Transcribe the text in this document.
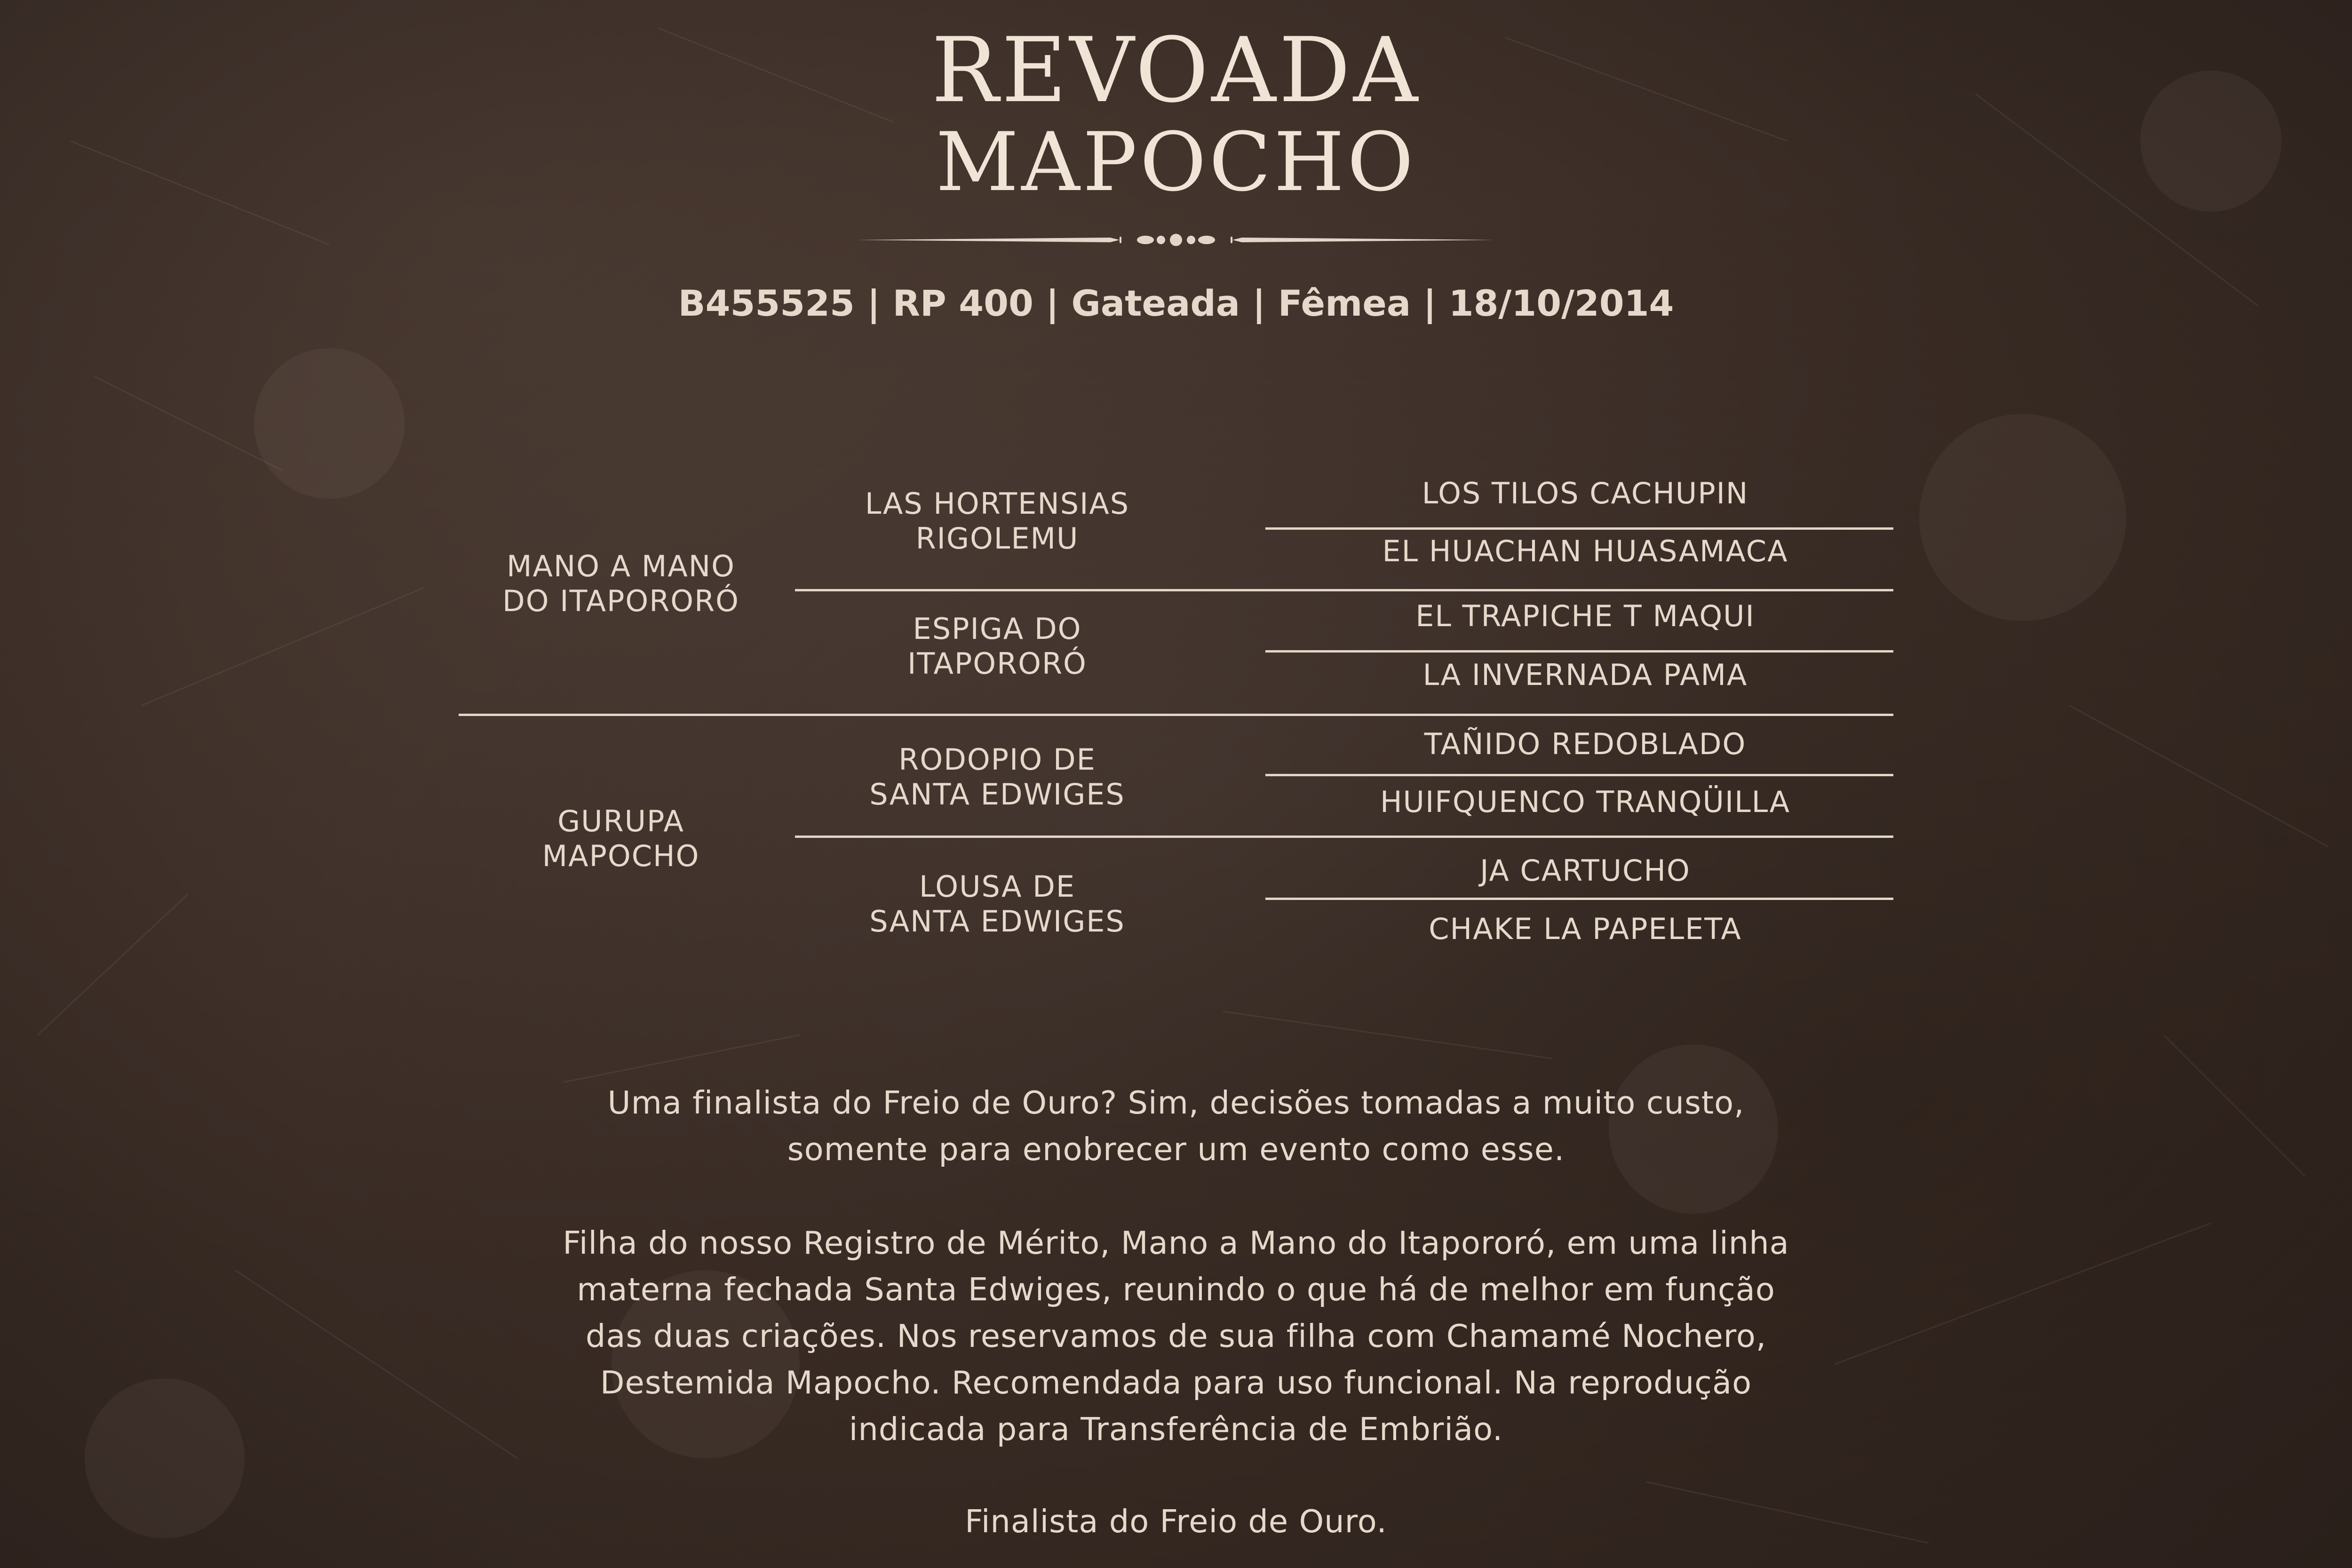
REVOADA
MAPOCHO
B455525 | RP 400 | Gateada | Fêmea | 18/10/2014
MANO A MANO
DO ITAPORORÓ
GURUPA
MAPOCHO
LAS HORTENSIAS
RIGOLEMU
ESPIGA DO
ITAPORORÓ
RODOPIO DE
SANTA EDWIGES
LOUSA DE
SANTA EDWIGES
LOS TILOS CACHUPIN
EL HUACHAN HUASAMACA
EL TRAPICHE T MAQUI
LA INVERNADA PAMA
TAÑIDO REDOBLADO
HUIFQUENCO TRANQÜILLA
JA CARTUCHO
CHAKE LA PAPELETA
Uma finalista do Freio de Ouro? Sim, decisões tomadas a muito custo,
somente para enobrecer um evento como esse.
Filha do nosso Registro de Mérito, Mano a Mano do Itapororó, em uma linha
materna fechada Santa Edwiges, reunindo o que há de melhor em função
das duas criações. Nos reservamos de sua filha com Chamamé Nochero,
Destemida Mapocho. Recomendada para uso funcional. Na reprodução
indicada para Transferência de Embrião.
Finalista do Freio de Ouro.
